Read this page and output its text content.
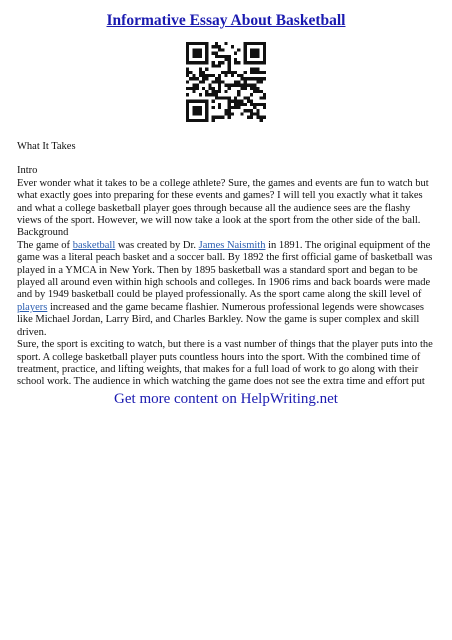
Informative Essay About Basketball

What It Takes

Intro

Ever wonder what it takes to be a college athlete? Sure, the games and events are fun to watch but what exactly goes into preparing for these events and games? I will tell you exactly what it takes and what a college basketball player goes through because all the audience sees are the flashy views of the sport. However, we will now take a look at the sport from the other side of the ball.

Background

The game of basketball was created by Dr. James Naismith in 1891. The original equipment of the game was a literal peach basket and a soccer ball. By 1892 the first official game of basketball was played in a YMCA in New York. Then by 1895 basketball was a standard sport and began to be played all around even within high schools and colleges. In 1906 rims and back boards were made and by 1949 basketball could be played professionally. As the sport came along the skill level of players increased and the game became flashier. Numerous professional legends were showcases like Michael Jordan, Larry Bird, and Charles Barkley. Now the game is super complex and skill driven.

Sure, the sport is exciting to watch, but there is a vast number of things that the player puts into the sport. A college basketball player puts countless hours into the sport. With the combined time of treatment, practice, and lifting weights, that makes for a full load of work to go along with their school work. The audience in which watching the game does not see the extra time and effort put

Get more content on HelpWriting.net
